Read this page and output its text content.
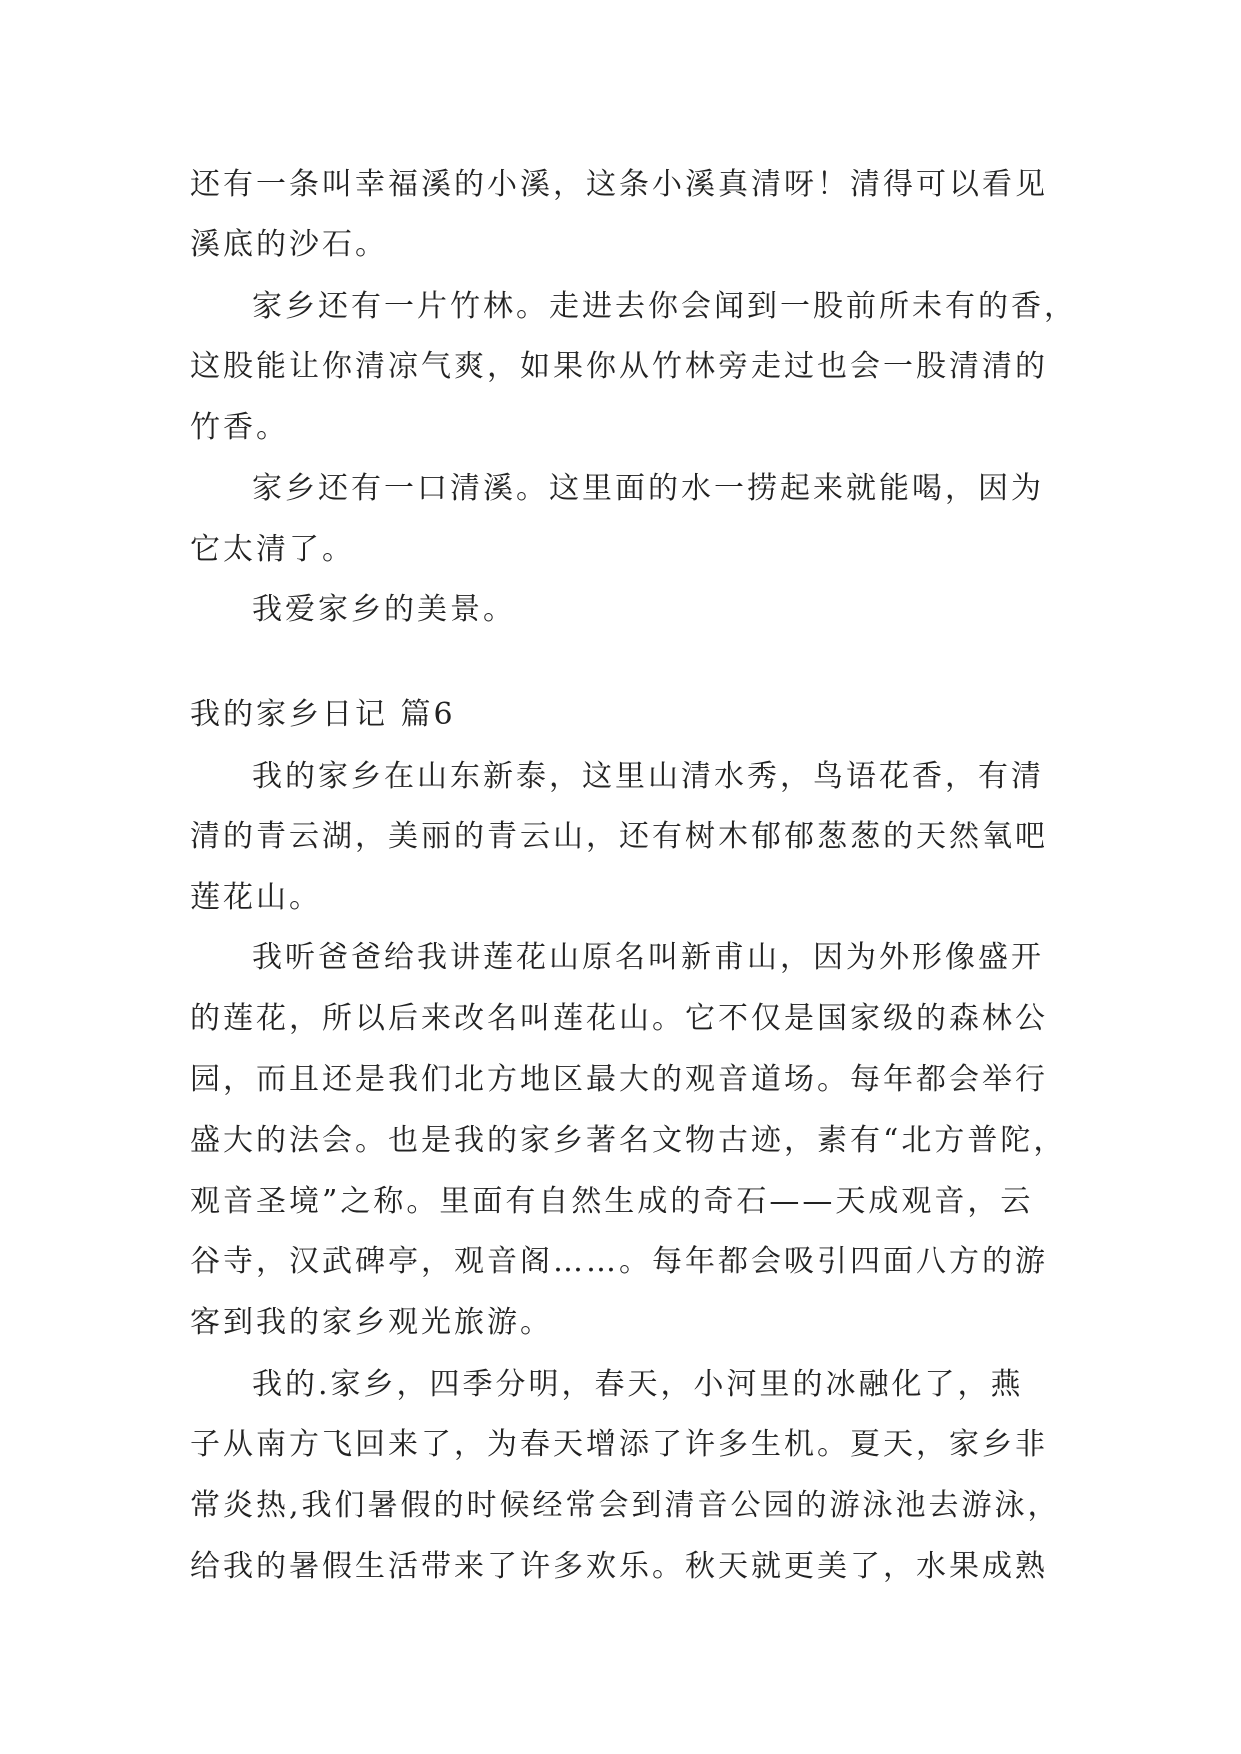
还有一条叫幸福溪的小溪，这条小溪真清呀！清得可以看见
溪底的沙石。
家乡还有一片竹林。走进去你会闻到一股前所未有的香，
这股能让你清凉气爽，如果你从竹林旁走过也会一股清清的
竹香。
家乡还有一口清溪。这里面的水一捞起来就能喝，因为
它太清了。
我爱家乡的美景。
我的家乡日记 篇6
我的家乡在山东新泰，这里山清水秀，鸟语花香，有清
清的青云湖，美丽的青云山，还有树木郁郁葱葱的天然氧吧
莲花山。
我听爸爸给我讲莲花山原名叫新甫山，因为外形像盛开
的莲花，所以后来改名叫莲花山。它不仅是国家级的森林公
园，而且还是我们北方地区最大的观音道场。每年都会举行
盛大的法会。也是我的家乡著名文物古迹，素有“北方普陀，
观音圣境”之称。里面有自然生成的奇石——天成观音，云
谷寺，汉武碑亭，观音阁……。每年都会吸引四面八方的游
客到我的家乡观光旅游。
我的.家乡，四季分明，春天，小河里的冰融化了，燕
子从南方飞回来了，为春天增添了许多生机。夏天，家乡非
常炎热,我们暑假的时候经常会到清音公园的游泳池去游泳，
给我的暑假生活带来了许多欢乐。秋天就更美了，水果成熟
